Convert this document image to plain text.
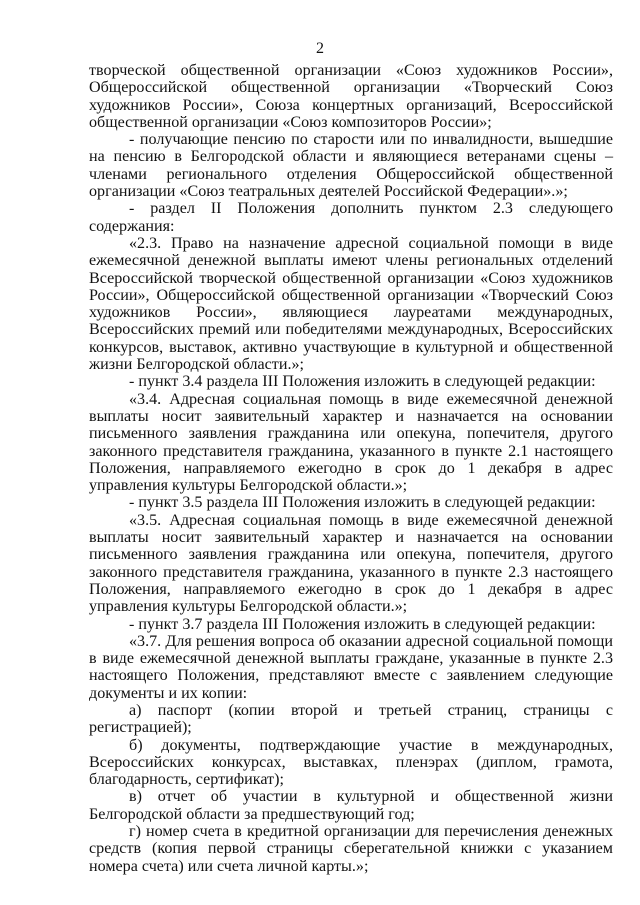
2

творческой общественной организации «Союз художников России», Общероссийской общественной организации «Творческий Союз художников России», Союза концертных организаций, Всероссийской общественной организации «Союз композиторов России»;

- получающие пенсию по старости или по инвалидности, вышедшие на пенсию в Белгородской области и являющиеся ветеранами сцены – членами регионального отделения Общероссийской общественной организации «Союз театральных деятелей Российской Федерации».»;

- раздел II Положения дополнить пунктом 2.3 следующего содержания:

«2.3. Право на назначение адресной социальной помощи в виде ежемесячной денежной выплаты имеют члены региональных отделений Всероссийской творческой общественной организации «Союз художников России», Общероссийской общественной организации «Творческий Союз художников России», являющиеся лауреатами международных, Всероссийских премий или победителями международных, Всероссийских конкурсов, выставок, активно участвующие в культурной и общественной жизни Белгородской области.»;

- пункт 3.4 раздела III Положения изложить в следующей редакции:

«3.4. Адресная социальная помощь в виде ежемесячной денежной выплаты носит заявительный характер и назначается на основании письменного заявления гражданина или опекуна, попечителя, другого законного представителя гражданина, указанного в пункте 2.1 настоящего Положения, направляемого ежегодно в срок до 1 декабря в адрес управления культуры Белгородской области.»;

- пункт 3.5 раздела III Положения изложить в следующей редакции:

«3.5. Адресная социальная помощь в виде ежемесячной денежной выплаты носит заявительный характер и назначается на основании письменного заявления гражданина или опекуна, попечителя, другого законного представителя гражданина, указанного в пункте 2.3 настоящего Положения, направляемого ежегодно в срок до 1 декабря в адрес управления культуры Белгородской области.»;

- пункт 3.7 раздела III Положения изложить в следующей редакции:

«3.7. Для решения вопроса об оказании адресной социальной помощи в виде ежемесячной денежной выплаты граждане, указанные в пункте 2.3 настоящего Положения, представляют вместе с заявлением следующие документы и их копии:

а) паспорт (копии второй и третьей страниц, страницы с регистрацией);

б) документы, подтверждающие участие в международных, Всероссийских конкурсах, выставках, пленэрах (диплом, грамота, благодарность, сертификат);

в) отчет об участии в культурной и общественной жизни Белгородской области за предшествующий год;

г) номер счета в кредитной организации для перечисления денежных средств (копия первой страницы сберегательной книжки с указанием номера счета) или счета личной карты.»;
